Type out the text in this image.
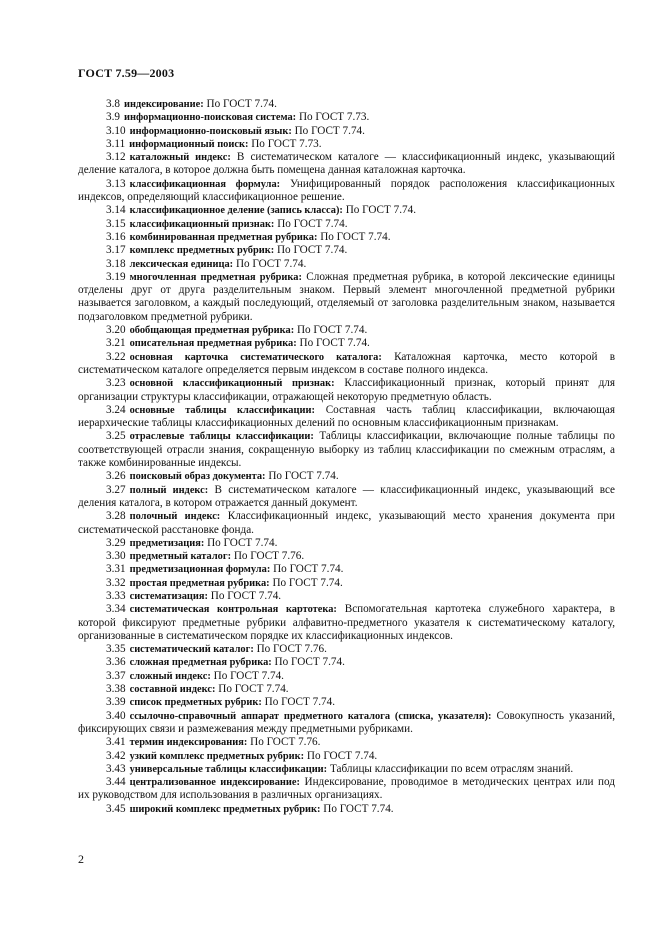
ГОСТ 7.59—2003

3.8 индексирование: По ГОСТ 7.74.

3.9 информационно-поисковая система: По ГОСТ 7.73.

3.10 информационно-поисковый язык: По ГОСТ 7.74.

3.11 информационный поиск: По ГОСТ 7.73.

3.12 каталожный индекс: В систематическом каталоге — классификационный индекс, указывающий деление каталога, в которое должна быть помещена данная каталожная карточка.

3.13 классификационная формула: Унифицированный порядок расположения классификационных индексов, определяющий классификационное решение.

3.14 классификационное деление (запись класса): По ГОСТ 7.74.

3.15 классификационный признак: По ГОСТ 7.74.

3.16 комбинированная предметная рубрика: По ГОСТ 7.74.

3.17 комплекс предметных рубрик: По ГОСТ 7.74.

3.18 лексическая единица: По ГОСТ 7.74.

3.19 многочленная предметная рубрика: Сложная предметная рубрика, в которой лексические единицы отделены друг от друга разделительным знаком. Первый элемент многочленной предметной рубрики называется заголовком, а каждый последующий, отделяемый от заголовка разделительным знаком, называется подзаголовком предметной рубрики.

3.20 обобщающая предметная рубрика: По ГОСТ 7.74.

3.21 описательная предметная рубрика: По ГОСТ 7.74.

3.22 основная карточка систематического каталога: Каталожная карточка, место которой в систематическом каталоге определяется первым индексом в составе полного индекса.

3.23 основной классификационный признак: Классификационный признак, который принят для организации структуры классификации, отражающей некоторую предметную область.

3.24 основные таблицы классификации: Составная часть таблиц классификации, включающая иерархические таблицы классификационных делений по основным классификационным признакам.

3.25 отраслевые таблицы классификации: Таблицы классификации, включающие полные таблицы по соответствующей отрасли знания, сокращенную выборку из таблиц классификации по смежным отраслям, а также комбинированные индексы.

3.26 поисковый образ документа: По ГОСТ 7.74.

3.27 полный индекс: В систематическом каталоге — классификационный индекс, указывающий все деления каталога, в котором отражается данный документ.

3.28 полочный индекс: Классификационный индекс, указывающий место хранения документа при систематической расстановке фонда.

3.29 предметизация: По ГОСТ 7.74.

3.30 предметный каталог: По ГОСТ 7.76.

3.31 предметизационная формула: По ГОСТ 7.74.

3.32 простая предметная рубрика: По ГОСТ 7.74.

3.33 систематизация: По ГОСТ 7.74.

3.34 систематическая контрольная картотека: Вспомогательная картотека служебного характера, в которой фиксируют предметные рубрики алфавитно-предметного указателя к систематическому каталогу, организованные в систематическом порядке их классификационных индексов.

3.35 систематический каталог: По ГОСТ 7.76.

3.36 сложная предметная рубрика: По ГОСТ 7.74.

3.37 сложный индекс: По ГОСТ 7.74.

3.38 составной индекс: По ГОСТ 7.74.

3.39 список предметных рубрик: По ГОСТ 7.74.

3.40 ссылочно-справочный аппарат предметного каталога (списка, указателя): Совокупность указаний, фиксирующих связи и размежевания между предметными рубриками.

3.41 термин индексирования: По ГОСТ 7.76.

3.42 узкий комплекс предметных рубрик: По ГОСТ 7.74.

3.43 универсальные таблицы классификации: Таблицы классификации по всем отраслям знаний.

3.44 централизованное индексирование: Индексирование, проводимое в методических центрах или под их руководством для использования в различных организациях.

3.45 широкий комплекс предметных рубрик: По ГОСТ 7.74.

2
